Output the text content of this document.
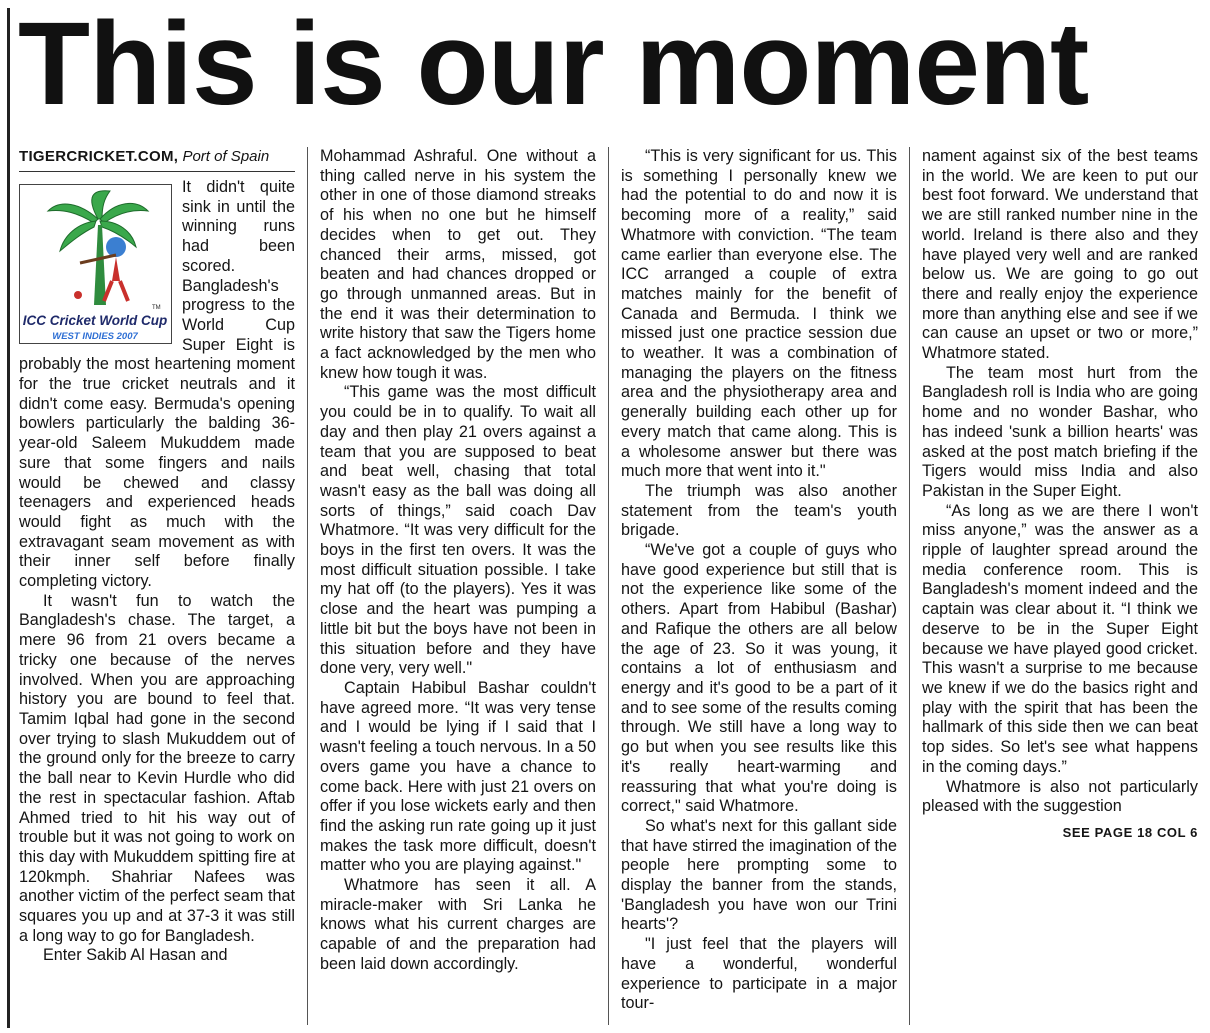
This is our moment
TIGERCRICKET.COM, Port of Spain
TM
ICC Cricket World Cup
WEST INDIES 2007

It didn't quite sink in until the winning runs had been scored. Bangladesh's progress to the World Cup Super Eight is probably the most heartening moment for the true cricket neutrals and it didn't come easy. Bermuda's opening bowlers particularly the balding 36-year-old Saleem Mukuddem made sure that some fingers and nails would be chewed and classy teenagers and experienced heads would fight as much with the extravagant seam movement as with their inner self before finally completing victory.

It wasn't fun to watch the Bangladesh's chase. The target, a mere 96 from 21 overs became a tricky one because of the nerves involved. When you are approaching history you are bound to feel that. Tamim Iqbal had gone in the second over trying to slash Mukuddem out of the ground only for the breeze to carry the ball near to Kevin Hurdle who did the rest in spectacular fashion. Aftab Ahmed tried to hit his way out of trouble but it was not going to work on this day with Mukuddem spitting fire at 120kmph. Shahriar Nafees was another victim of the perfect seam that squares you up and at 37-3 it was still a long way to go for Bangladesh.

Enter Sakib Al Hasan and

Mohammad Ashraful. One without a thing called nerve in his system the other in one of those diamond streaks of his when no one but he himself decides when to get out. They chanced their arms, missed, got beaten and had chances dropped or go through unmanned areas. But in the end it was their determination to write history that saw the Tigers home a fact acknowledged by the men who knew how tough it was.

“This game was the most difficult you could be in to qualify. To wait all day and then play 21 overs against a team that you are supposed to beat and beat well, chasing that total wasn't easy as the ball was doing all sorts of things,” said coach Dav Whatmore. “It was very difficult for the boys in the first ten overs. It was the most difficult situation possible. I take my hat off (to the players). Yes it was close and the heart was pumping a little bit but the boys have not been in this situation before and they have done very, very well."

Captain Habibul Bashar couldn't have agreed more. “It was very tense and I would be lying if I said that I wasn't feeling a touch nervous. In a 50 overs game you have a chance to come back. Here with just 21 overs on offer if you lose wickets early and then find the asking run rate going up it just makes the task more difficult, doesn't matter who you are playing against."

Whatmore has seen it all. A miracle-maker with Sri Lanka he knows what his current charges are capable of and the preparation had been laid down accordingly.

“This is very significant for us. This is something I personally knew we had the potential to do and now it is becoming more of a reality,” said Whatmore with conviction. “The team came earlier than everyone else. The ICC arranged a couple of extra matches mainly for the benefit of Canada and Bermuda. I think we missed just one practice session due to weather. It was a combination of managing the players on the fitness area and the physiotherapy area and generally building each other up for every match that came along. This is a wholesome answer but there was much more that went into it."

The triumph was also another statement from the team's youth brigade.

“We've got a couple of guys who have good experience but still that is not the experience like some of the others. Apart from Habibul (Bashar) and Rafique the others are all below the age of 23. So it was young, it contains a lot of enthusiasm and energy and it's good to be a part of it and to see some of the results coming through. We still have a long way to go but when you see results like this it's really heart-warming and reassuring that what you're doing is correct," said Whatmore.

So what's next for this gallant side that have stirred the imagination of the people here prompting some to display the banner from the stands, 'Bangladesh you have won our Trini hearts'?

"I just feel that the players will have a wonderful, wonderful experience to participate in a major tour-

nament against six of the best teams in the world. We are keen to put our best foot forward. We understand that we are still ranked number nine in the world. Ireland is there also and they have played very well and are ranked below us. We are going to go out there and really enjoy the experience more than anything else and see if we can cause an upset or two or more,” Whatmore stated.

The team most hurt from the Bangladesh roll is India who are going home and no wonder Bashar, who has indeed 'sunk a billion hearts' was asked at the post match briefing if the Tigers would miss India and also Pakistan in the Super Eight.

“As long as we are there I won't miss anyone,” was the answer as a ripple of laughter spread around the media conference room. This is Bangladesh's moment indeed and the captain was clear about it. “I think we deserve to be in the Super Eight because we have played good cricket. This wasn't a surprise to me because we knew if we do the basics right and play with the spirit that has been the hallmark of this side then we can beat top sides. So let's see what happens in the coming days.”

Whatmore is also not particularly pleased with the suggestion

SEE PAGE 18 COL 6
